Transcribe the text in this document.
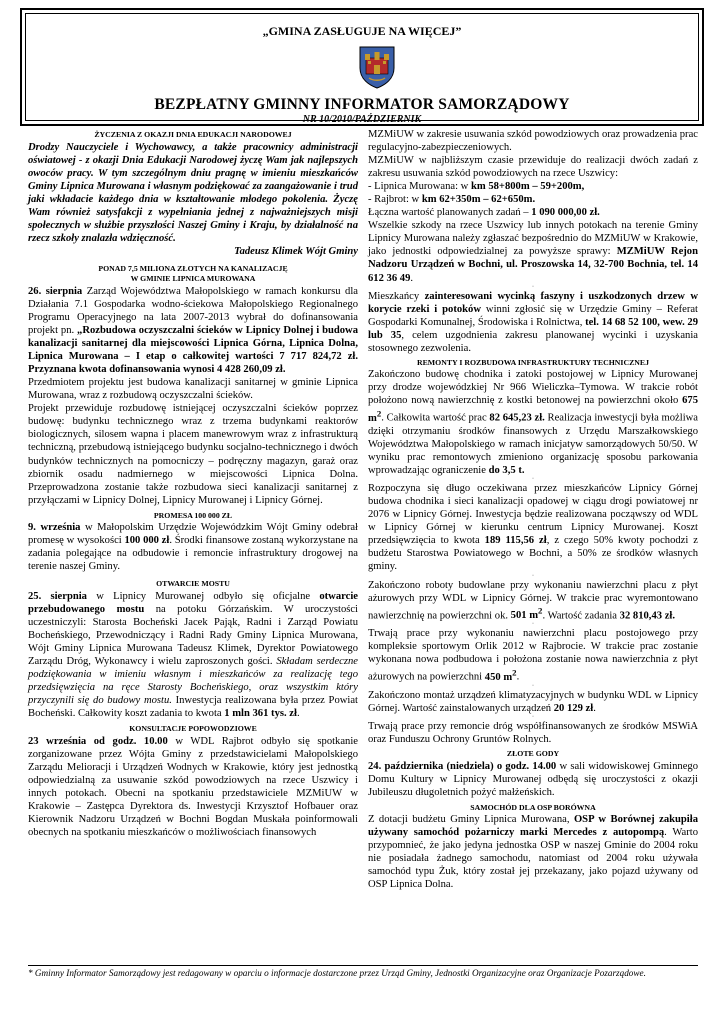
„GMINA ZASŁUGUJE NA WIĘCEJ”
BEZPŁATNY GMINNY INFORMATOR SAMORZĄDOWY
NR 10/2010/PAŹDZIERNIK
ŻYCZENIA Z OKAZJI DNIA EDUKACJI NARODOWEJ

Drodzy Nauczyciele i Wychowawcy, a także pracownicy administracji oświatowej - z okazji Dnia Edukacji Narodowej życzę Wam jak najlepszych owoców pracy. W tym szczególnym dniu pragnę w imieniu mieszkańców Gminy Lipnica Murowana i własnym podziękować za zaangażowanie i trud jaki wkładacie każdego dnia w kształtowanie młodego pokolenia. Życzę Wam również satysfakcji z wypełniania jednej z najważniejszych misji społecznych w służbie przyszłości Naszej Gminy i Kraju, by działalność na rzecz szkoły znalazła wdzięczność.

Tadeusz Klimek Wójt Gminy

PONAD 7,5 MILIONA ZŁOTYCH NA KANALIZACJĘ
W GMINIE LIPNICA MUROWANA

26. sierpnia Zarząd Województwa Małopolskiego w ramach konkursu dla Działania 7.1 Gospodarka wodno-ściekowa Małopolskiego Regionalnego Programu Operacyjnego na lata 2007-2013 wybrał do dofinansowania projekt pn. „Rozbudowa oczyszczalni ścieków w Lipnicy Dolnej i budowa kanalizacji sanitarnej dla miejscowości Lipnica Górna, Lipnica Dolna, Lipnica Murowana – I etap o całkowitej wartości 7 717 824,72 zł. Przyznana kwota dofinansowania wynosi 4 428 260,09 zł.

Przedmiotem projektu jest budowa kanalizacji sanitarnej w gminie Lipnica Murowana, wraz z rozbudową oczyszczalni ścieków.

Projekt przewiduje rozbudowę istniejącej oczyszczalni ścieków poprzez budowę: budynku technicznego wraz z trzema budynkami reaktorów biologicznych, silosem wapna i placem manewrowym wraz z infrastrukturą techniczną, przebudową istniejącego budynku socjalno-technicznego i dwóch budynków technicznych na pomocniczy – podręczny magazyn, garaż oraz zbiornik osadu nadmiernego w miejscowości Lipnica Dolna. Przeprowadzona zostanie także rozbudowa sieci kanalizacji sanitarnej z przyłączami w Lipnicy Dolnej, Lipnicy Murowanej i Lipnicy Górnej.

PROMESA 100 000 ZŁ

9. września w Małopolskim Urzędzie Wojewódzkim Wójt Gminy odebrał promesę w wysokości 100 000 zł. Środki finansowe zostaną wykorzystane na zadania polegające na odbudowie i remoncie infrastruktury drogowej na terenie naszej Gminy.

OTWARCIE MOSTU

25. sierpnia w Lipnicy Murowanej odbyło się oficjalne otwarcie przebudowanego mostu na potoku Górzańskim. W uroczystości uczestniczyli: Starosta Bocheński Jacek Pająk, Radni i Zarząd Powiatu Bocheńskiego, Przewodniczący i Radni Rady Gminy Lipnica Murowana, Wójt Gminy Lipnica Murowana Tadeusz Klimek, Dyrektor Powiatowego Zarządu Dróg, Wykonawcy i wielu zaproszonych gości. Składam serdeczne podziękowania w imieniu własnym i mieszkańców za realizację tego przedsięwzięcia na ręce Starosty Bocheńskiego, oraz wszystkim który przyczynili się do budowy mostu. Inwestycja realizowana była przez Powiat Bocheński. Całkowity koszt zadania to kwota 1 mln 361 tys. zł.

KONSULTACJE POPOWODZIOWE

23 września od godz. 10.00 w WDL Rajbrot odbyło się spotkanie zorganizowane przez Wójta Gminy z przedstawicielami Małopolskiego Zarządu Melioracji i Urządzeń Wodnych w Krakowie, który jest jednostką odpowiedzialną za usuwanie szkód powodziowych na rzece Uszwicy i innych potokach. Obecni na spotkaniu przedstawiciele MZMiUW w Krakowie – Zastępca Dyrektora ds. Inwestycji Krzysztof Hofbauer oraz Kierownik Nadzoru Urządzeń w Bochni Bogdan Muskała poinformowali obecnych na spotkaniu mieszkańców o możliwościach finansowych

MZMiUW w zakresie usuwania szkód powodziowych oraz prowadzenia prac regulacyjno-zabezpieczeniowych.

MZMiUW w najbliższym czasie przewiduje do realizacji dwóch zadań z zakresu usuwania szkód powodziowych na rzece Uszwicy:

- Lipnica Murowana: w km 58+800m – 59+200m,

- Rajbrot: w km 62+350m – 62+650m.

Łączna wartość planowanych zadań – 1 090 000,00 zł.

Wszelkie szkody na rzece Uszwicy lub innych potokach na terenie Gminy Lipnicy Murowana należy zgłaszać bezpośrednio do MZMiUW w Krakowie, jako jednostki odpowiedzialnej za powyższe sprawy: MZMiUW Rejon Nadzoru Urządzeń w Bochni, ul. Proszowska 14, 32-700 Bochnia, tel. 14 612 36 49.

·

Mieszkańcy zainteresowani wycinką faszyny i uszkodzonych drzew w korycie rzeki i potoków winni zgłosić się w Urzędzie Gminy – Referat Gospodarki Komunalnej, Środowiska i Rolnictwa, tel. 14 68 52 100, wew. 29 lub 35, celem uzgodnienia zakresu planowanej wycinki i uzyskania stosownego zezwolenia.

REMONTY I ROZBUDOWA INFRASTRUKTURY TECHNICZNEJ

Zakończono budowę chodnika i zatoki postojowej w Lipnicy Murowanej przy drodze wojewódzkiej Nr 966 Wieliczka–Tymowa. W trakcie robót położono nową nawierzchnię z kostki betonowej na powierzchni około 675 $m^2$. Całkowita wartość prac 82 645,23 zł. Realizacja inwestycji była możliwa dzięki otrzymaniu środków finansowych z Urzędu Marszałkowskiego Województwa Małopolskiego w ramach inicjatyw samorządowych 50/50. W wyniku prac remontowych zmieniono organizację sposobu parkowania wprowadzając ograniczenie do 3,5 t.

·

Rozpoczyna się długo oczekiwana przez mieszkańców Lipnicy Górnej budowa chodnika i sieci kanalizacji opadowej w ciągu drogi powiatowej nr 2076 w Lipnicy Górnej. Inwestycja będzie realizowana począwszy od WDL w Lipnicy Górnej w kierunku centrum Lipnicy Murowanej. Koszt przedsięwzięcia to kwota 189 115,56 zł, z czego 50% kwoty pochodzi z budżetu Starostwa Powiatowego w Bochni, a 50% ze środków własnych gminy.

·

Zakończono roboty budowlane przy wykonaniu nawierzchni placu z płyt ażurowych przy WDL w Lipnicy Górnej. W trakcie prac wyremontowano nawierzchnię na powierzchni ok. 501 $m^2$. Wartość zadania 32 810,43 zł.

·

Trwają prace przy wykonaniu nawierzchni placu postojowego przy kompleksie sportowym Orlik 2012 w Rajbrocie. W trakcie prac zostanie wykonana nowa podbudowa i położona zostanie nowa nawierzchnia z płyt ażurowych na powierzchni 450 $m^2$.

·

Zakończono montaż urządzeń klimatyzacyjnych w budynku WDL w Lipnicy Górnej. Wartość zainstalowanych urządzeń 20 129 zł.

·

Trwają prace przy remoncie dróg współfinansowanych ze środków MSWiA oraz Funduszu Ochrony Gruntów Rolnych.

ZŁOTE GODY

24. października (niedziela) o godz. 14.00 w sali widowiskowej Gminnego Domu Kultury w Lipnicy Murowanej odbędą się uroczystości z okazji Jubileuszu długoletnich pożyć małżeńskich.

SAMOCHÓD DLA OSP BORÓWNA

Z dotacji budżetu Gminy Lipnica Murowana, OSP w Borównej zakupiła używany samochód pożarniczy marki Mercedes z autopompą. Warto przypomnieć, że jako jedyna jednostka OSP w naszej Gminie do 2004 roku nie posiadała żadnego samochodu, natomiast od 2004 roku używała samochód typu Żuk, który został jej przekazany, jako pojazd używany od OSP Lipnica Dolna.

* Gminny Informator Samorządowy jest redagowany w oparciu o informacje dostarczone przez Urząd Gminy, Jednostki Organizacyjne oraz Organizacje Pozarządowe.
